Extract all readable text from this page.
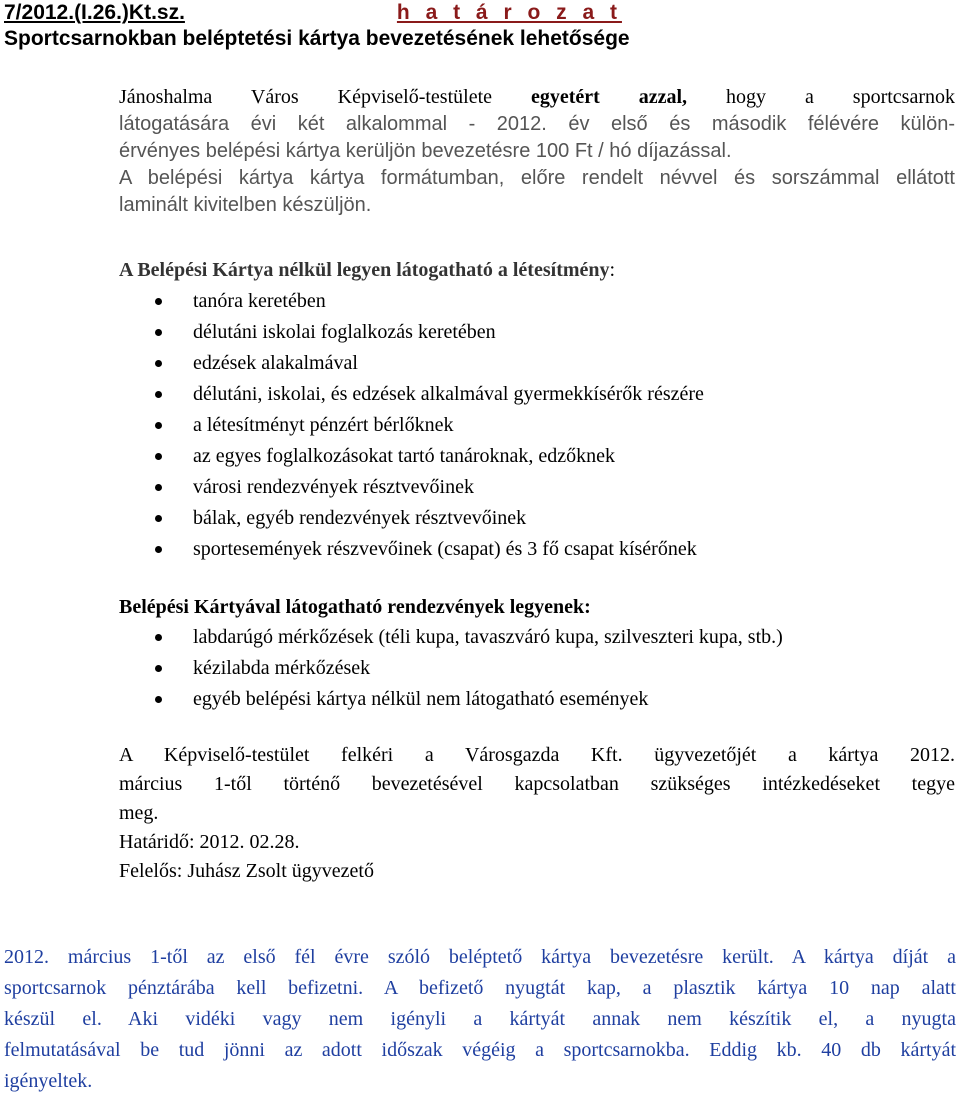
7/2012.(I.26.)Kt.sz.	h a t á r o z a t
Sportcsarnokban beléptetési kártya bevezetésének lehetősége
Jánoshalma Város Képviselő-testülete egyetért azzal, hogy a sportcsarnok
látogatására évi két alkalommal - 2012. év első és második félévére külön-
érvényes belépési kártya kerüljön bevezetésre 100 Ft / hó díjazással.
A belépési kártya kártya formátumban, előre rendelt névvel és sorszámmal ellátott
laminált kivitelben készüljön.
A Belépési Kártya nélkül legyen látogatható a létesítmény:
tanóra keretében
délutáni iskolai foglalkozás keretében
edzések alakalmával
délutáni, iskolai, és edzések alkalmával gyermekkísérők részére
a létesítményt pénzért bérlőknek
az egyes foglalkozásokat tartó tanároknak, edzőknek
városi rendezvények résztvevőinek
bálak, egyéb rendezvények résztvevőinek
sportesemények részvevőinek (csapat) és 3 fő csapat kísérőnek
Belépési Kártyával látogatható rendezvények legyenek:
labdarúgó mérkőzések (téli kupa, tavaszváró kupa, szilveszteri kupa, stb.)
kézilabda mérkőzések
egyéb belépési kártya nélkül nem látogatható események
A Képviselő-testület felkéri a Városgazda Kft. ügyvezetőjét a kártya 2012.
március 1-től történő bevezetésével kapcsolatban szükséges intézkedéseket tegye
meg.
Határidő: 2012. 02.28.
Felelős: Juhász Zsolt ügyvezető
2012. március 1-től az első fél évre szóló beléptető kártya bevezetésre került. A kártya díját a
sportcsarnok pénztárába kell befizetni. A befizető nyugtát kap, a plasztik kártya 10 nap alatt
készül el. Aki vidéki vagy nem igényli a kártyát annak nem készítik el, a nyugta
felmutatásával be tud jönni az adott időszak végéig a sportcsarnokba. Eddig kb. 40 db kártyát
igényeltek.
